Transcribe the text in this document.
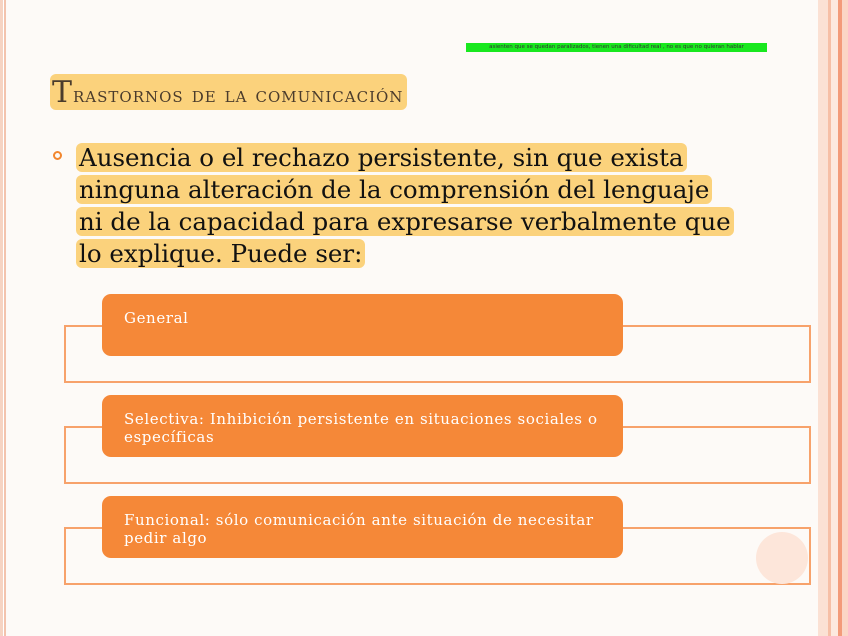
asienten que se quedan paralizados, tienen una dificultad real , no es que no quieran hablar
Trastornos de la comunicación
Ausencia o el rechazo persistente, sin que exista ninguna alteración de la comprensión del lenguaje ni de la capacidad para expresarse verbalmente que lo explique. Puede ser:
General
Selectiva: Inhibición persistente en situaciones sociales o específicas
Funcional: sólo comunicación ante situación de necesitar pedir algo
